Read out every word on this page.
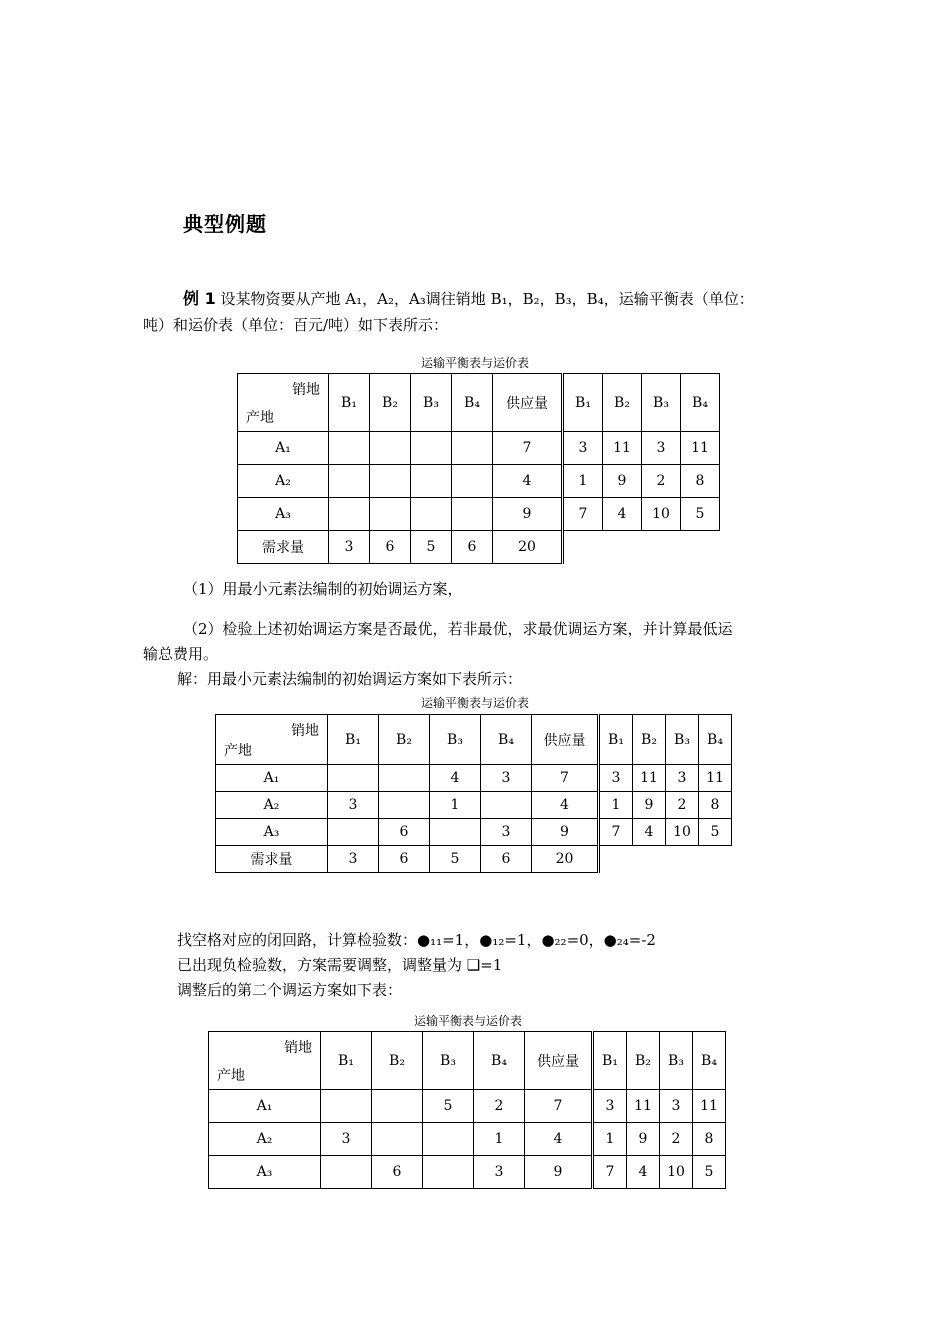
典型例题
例 1 设某物资要从产地 A₁，A₂，A₃调往销地 B₁，B₂，B₃，B₄，运输平衡表（单位：
吨）和运价表（单位：百元/吨）如下表所示：
运输平衡表与运价表
销地
产地	B₁	B₂	B₃	B₄	供应量	B₁	B₂	B₃	B₄
A₁					7	3	11	3	11
A₂					4	1	9	2	8
A₃					9	7	4	10	5
需求量	3	6	5	6	20				
（1）用最小元素法编制的初始调运方案，
（2）检验上述初始调运方案是否最优，若非最优，求最优调运方案，并计算最低运
输总费用。
解：用最小元素法编制的初始调运方案如下表所示：
运输平衡表与运价表
销地
产地	B₁	B₂	B₃	B₄	供应量	B₁	B₂	B₃	B₄
A₁			4	3	7	3	11	3	11
A₂	3		1		4	1	9	2	8
A₃		6		3	9	7	4	10	5
需求量	3	6	5	6	20				
找空格对应的闭回路，计算检验数：●₁₁=1，●₁₂=1，●₂₂=0，●₂₄=-2
已出现负检验数，方案需要调整，调整量为 ❑=1
调整后的第二个调运方案如下表：
运输平衡表与运价表
销地
产地	B₁	B₂	B₃	B₄	供应量	B₁	B₂	B₃	B₄
A₁			5	2	7	3	11	3	11
A₂	3			1	4	1	9	2	8
A₃		6		3	9	7	4	10	5
